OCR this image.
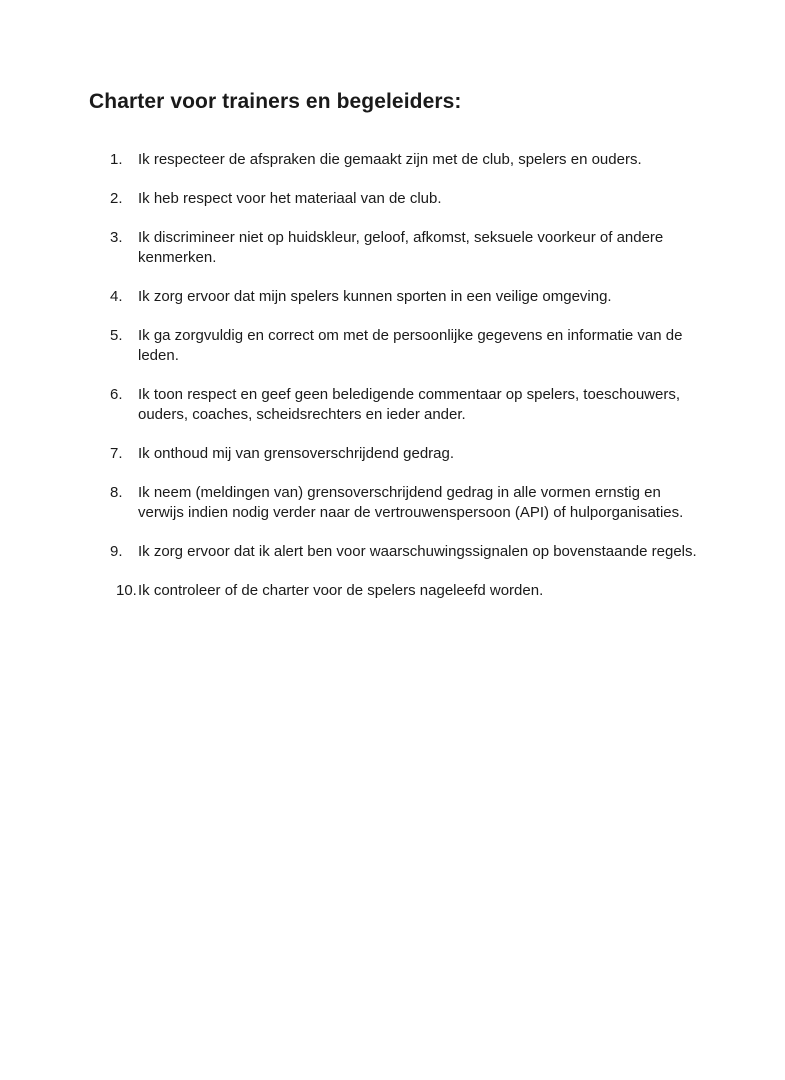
Charter voor trainers en begeleiders:
1. Ik respecteer de afspraken die gemaakt zijn met de club, spelers en ouders.
2. Ik heb respect voor het materiaal van de club.
3. Ik discrimineer niet op huidskleur, geloof, afkomst, seksuele voorkeur of andere kenmerken.
4. Ik zorg ervoor dat mijn spelers kunnen sporten in een veilige omgeving.
5. Ik ga zorgvuldig en correct om met de persoonlijke gegevens en informatie van de leden.
6. Ik toon respect en geef geen beledigende commentaar op spelers, toeschouwers, ouders, coaches, scheidsrechters en ieder ander.
7. Ik onthoud mij van grensoverschrijdend gedrag.
8. Ik neem (meldingen van) grensoverschrijdend gedrag in alle vormen ernstig en verwijs indien nodig verder naar de vertrouwenspersoon (API) of hulporganisaties.
9. Ik zorg ervoor dat ik alert ben voor waarschuwingssignalen op bovenstaande regels.
10. Ik controleer of de charter voor de spelers nageleefd worden.
